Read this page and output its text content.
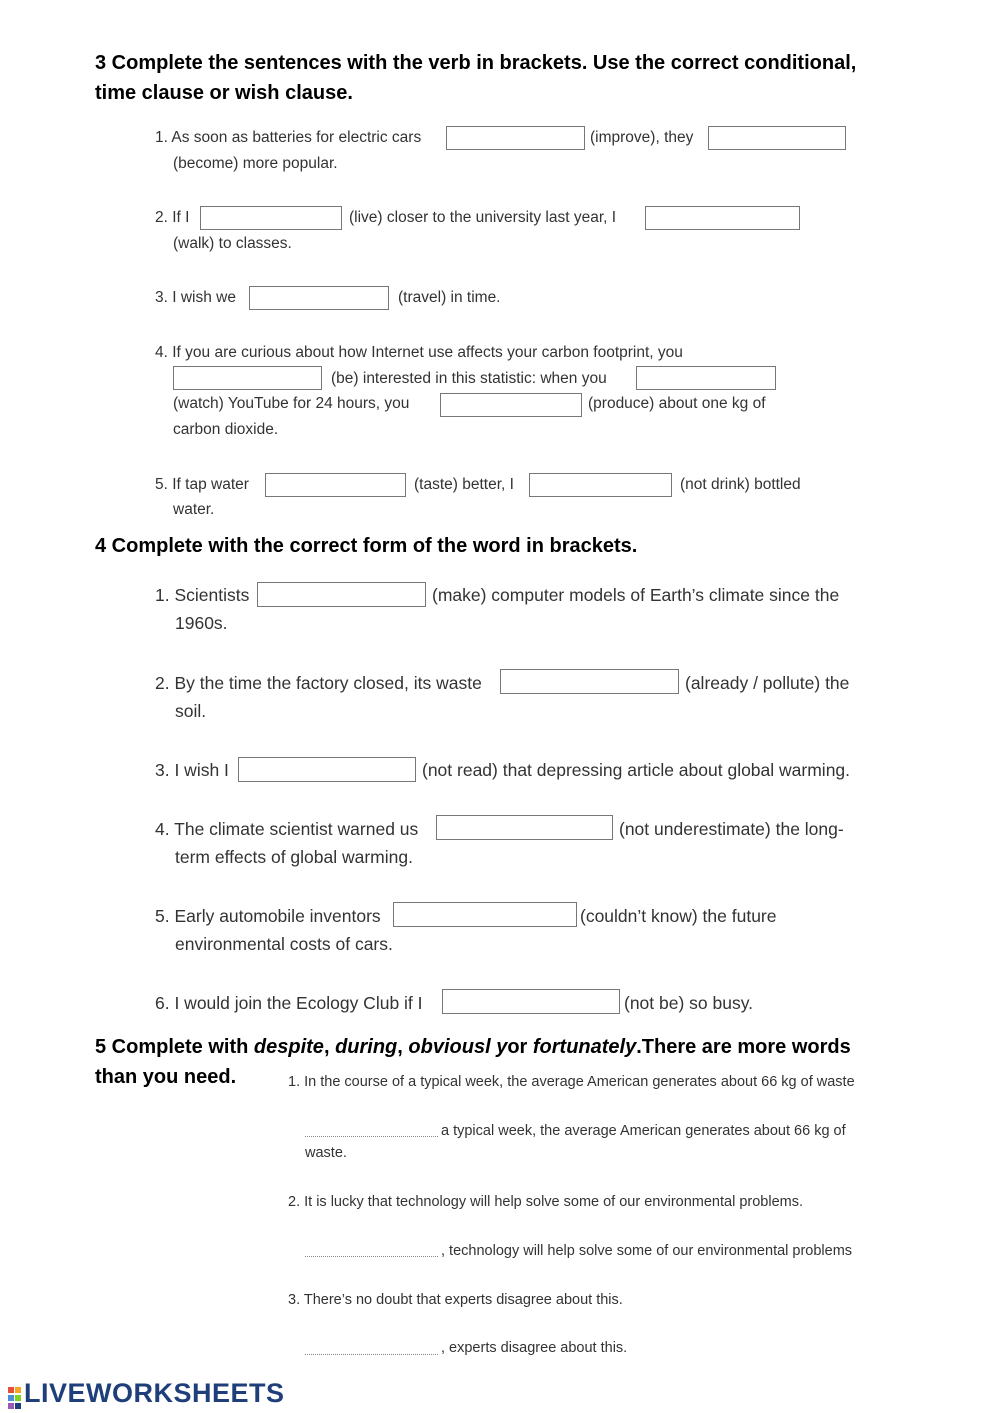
3 Complete the sentences with the verb in brackets. Use the correct conditional,
time clause or wish clause.
1. As soon as batteries for electric cars	(improve), they
(become) more popular.
2. If I	(live) closer to the university last year, I
(walk) to classes.
3. I wish we	(travel) in time.
4. If you are curious about how Internet use affects your carbon footprint, you
(be) interested in this statistic: when you
(watch) YouTube for 24 hours, you	(produce) about one kg of
carbon dioxide.
5. If tap water	(taste) better, I	(not drink) bottled
water.
4 Complete with the correct form of the word in brackets.
1. Scientists	(make) computer models of Earth’s climate since the
1960s.
2. By the time the factory closed, its waste	(already / pollute) the
soil.
3. I wish I	(not read) that depressing article about global warming.
4. The climate scientist warned us	(not underestimate) the long-
term effects of global warming.
5. Early automobile inventors	(couldn’t know) the future
environmental costs of cars.
6. I would join the Ecology Club if I	(not be) so busy.
5 Complete with despite, during, obviousl yor fortunately.There are more words
than you need.	1. In the course of a typical week, the average American generates about 66 kg of waste
a typical week, the average American generates about 66 kg of
waste.
2. It is lucky that technology will help solve some of our environmental problems.
, technology will help solve some of our environmental problems
3. There’s no doubt that experts disagree about this.
, experts disagree about this.
LIVEWORKSHEETS
